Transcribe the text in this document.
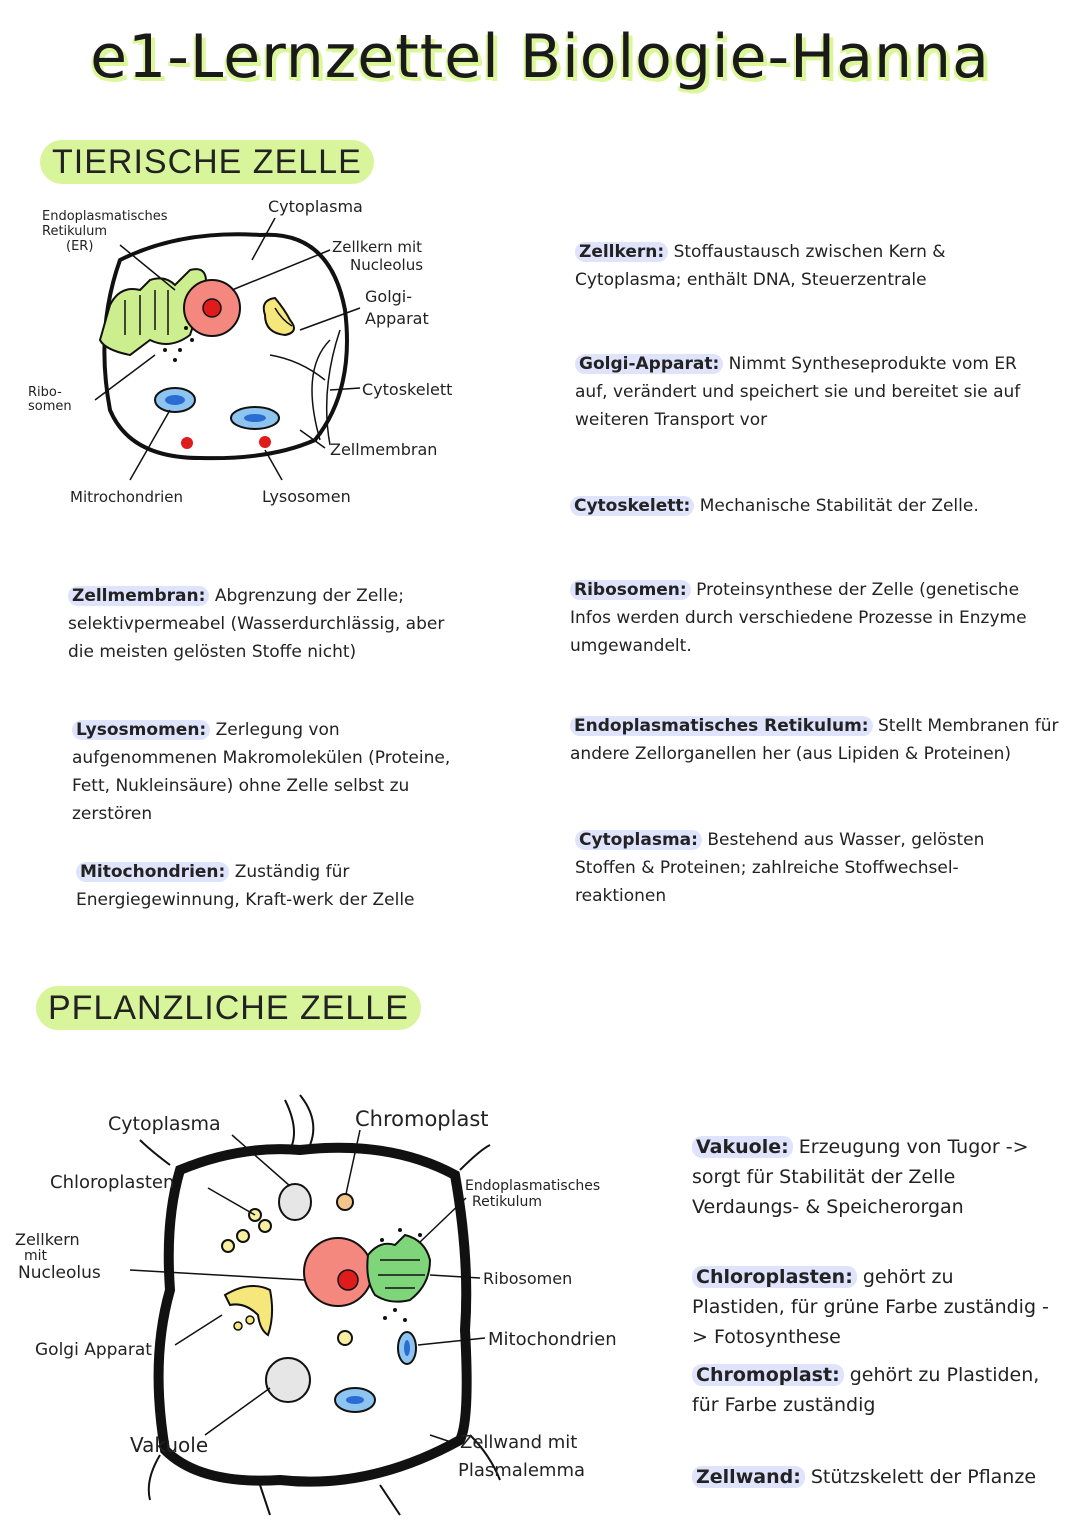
e1-Lernzettel Biologie-Hanna
TIERISCHE ZELLE
Endoplasmatisches
Retikulum
(ER)
Cytoplasma
Zellkern mit
Nucleolus
Golgi-
Apparat
Ribo-
somen
Cytoskelett
Zellmembran
Mitrochondrien	Lysosomen
Zellkern: Stoffaustausch zwischen Kern & Cytoplasma; enthält DNA, Steuerzentrale
Golgi-Apparat: Nimmt Syntheseprodukte vom ER auf, verändert und speichert sie und bereitet sie auf weiteren Transport vor
Cytoskelett: Mechanische Stabilität der Zelle.
Ribosomen: Proteinsynthese der Zelle (genetische Infos werden durch verschiedene Prozesse in Enzyme umgewandelt.
Endoplasmatisches Retikulum: Stellt Membranen für andere Zellorganellen her (aus Lipiden & Proteinen)
Cytoplasma: Bestehend aus Wasser, gelösten Stoffen & Proteinen; zahlreiche Stoffwechsel-reaktionen
Zellmembran: Abgrenzung der Zelle; selektivpermeabel (Wasserdurchlässig, aber die meisten gelösten Stoffe nicht)
Lysosmomen: Zerlegung von aufgenommenen Makromolekülen (Proteine, Fett, Nukleinsäure) ohne Zelle selbst zu zerstören
Mitochondrien: Zuständig für Energiegewinnung, Kraft-werk der Zelle
PFLANZLICHE ZELLE
Cytoplasma	Chromoplast
Chloroplasten	Endoplasmatisches
Retikulum
Zellkern
mit
Nucleolus	Ribosomen
Golgi Apparat	Mitochondrien
Vakuole	Zellwand mit
Plasmalemma
Vakuole: Erzeugung von Tugor -> sorgt für Stabilität der Zelle Verdaungs- & Speicherorgan
Chloroplasten: gehört zu Plastiden, für grüne Farbe zuständig -> Fotosynthese
Chromoplast: gehört zu Plastiden, für Farbe zuständig
Zellwand: Stützskelett der Pflanze
